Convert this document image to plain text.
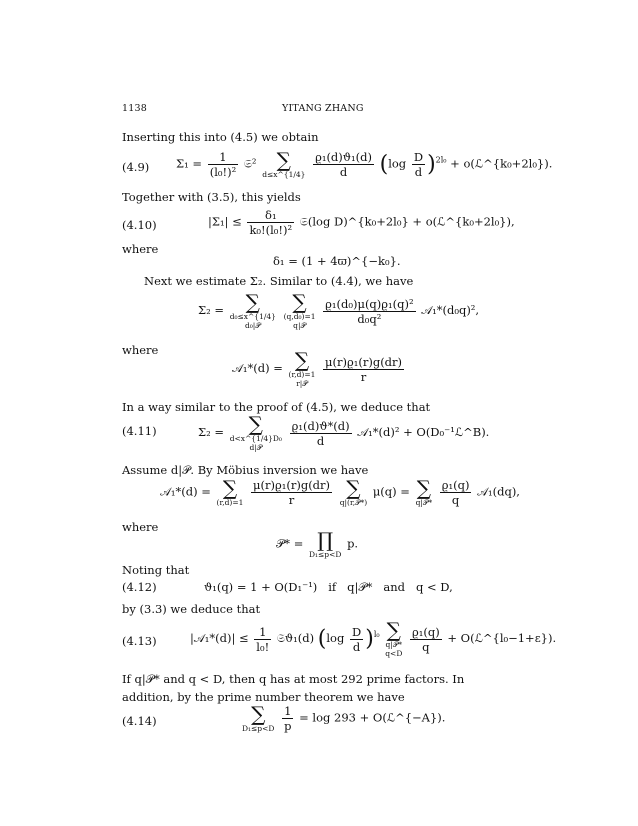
1138	YITANG ZHANG
Inserting this into (4.5) we obtain
(4.9) $\Sigma_1 = \frac{1}{\text{(l₀!)²}}$ 𝔖²	∑
d≤x^{1/4}
$\frac{\text{ϱ₁(d)ϑ₁(d)}}{d} (\log \frac{D}{d} )^{2l_0}$ + o(ℒ^{k₀+2l₀}).
Together with (3.5), this yields
(4.10)	$|\Sigma_1| \le \frac{\text{δ₁}}{\text{k₀!(l₀!)²}}$ 𝔖(log D)^{k₀+2l₀} + o(ℒ^{k₀+2l₀}),
where
δ₁ = (1 + 4ϖ)^{−k₀}.
Next we estimate Σ₂. Similar to (4.4), we have
Σ₂ =	∑
d₀≤x^{1/4}
d₀|𝒫

∑
(q,d₀)=1
q|𝒫
	$\frac{\text{ϱ₁(d₀)μ(q)ϱ₁(q)²}}{\text{d₀q²}}$ 𝒜₁*(d₀q)²,
where
𝒜₁*(d) = ∑
(r,d)=1
r|𝒫
	$\frac{\text{μ(r)ϱ₁(r)g(dr)}}{r}$
In a way similar to the proof of (4.5), we deduce that
(4.11)	Σ₂ =	∑
d<x^{1/4}D₀
d|𝒫
	$\frac{\text{ϱ₁(d)ϑ*(d)}}{d}$ 𝒜₁*(d)² + O(D₀⁻¹ℒ^B).
Assume d|𝒫. By Möbius inversion we have
𝒜₁*(d) = ∑
(r,d)=1
$\frac{\text{μ(r)ϱ₁(r)g(dr)}}{r}$
∑
q|(r,𝒫*)
μ(q) = ∑
q|𝒫*
$\frac{\text{ϱ₁(q)}}{q}$ 𝒜₁(dq),
where
𝒫* = ∏
D₁≤p<D
p.
Noting that
(4.12)	ϑ₁(q) = 1 + O(D₁⁻¹)   if   q|𝒫*   and   q < D,
by (3.3) we deduce that
(4.13)	|𝒜₁*(d)| ≤ $\frac{1}{\text{l₀!}}$ 𝔖ϑ₁(d) $(\log \frac{D}{d} )^{l_0}$ ∑
q|𝒫*
q<D
$\frac{\text{ϱ₁(q)}}{q}$ + O(ℒ^{l₀−1+ε}).
If q|𝒫* and q < D, then q has at most 292 prime factors. In addition, by the prime number theorem we have
(4.14)	∑
D₁≤p<D
$\frac{1}{p} = \log 293$ + O(ℒ^{−A}).
